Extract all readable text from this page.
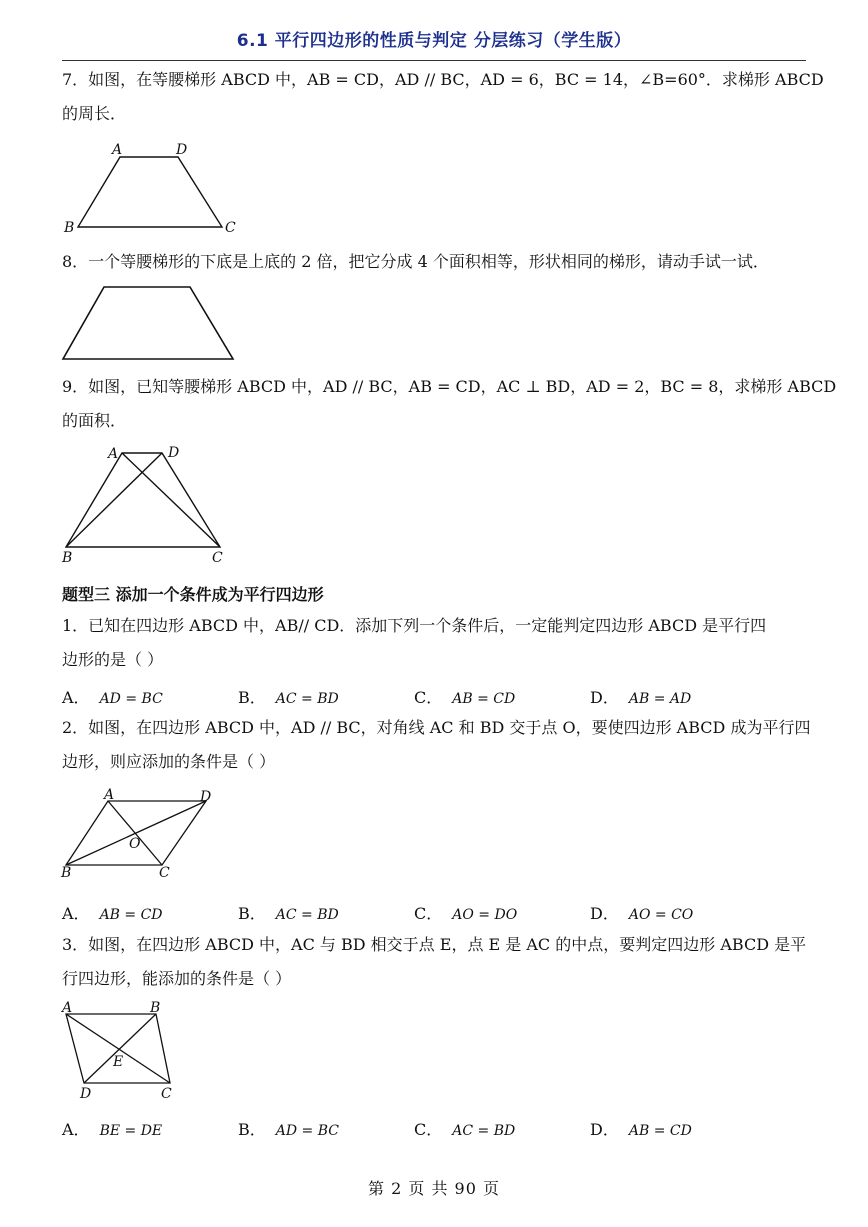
6.1 平行四边形的性质与判定 分层练习（学生版）
7．如图，在等腰梯形 ABCD 中，AB = CD，AD // BC，AD = 6，BC = 14，∠B=60°．求梯形 ABCD
的周长．
A	D
B	C
8．一个等腰梯形的下底是上底的 2 倍，把它分成 4 个面积相等，形状相同的梯形，请动手试一试．
9．如图，已知等腰梯形 ABCD 中，AD // BC，AB = CD，AC ⊥ BD，AD = 2，BC = 8，求梯形 ABCD
的面积．
A	D
B	C
题型三 添加一个条件成为平行四边形
1．已知在四边形 ABCD 中，AB// CD．添加下列一个条件后，一定能判定四边形 ABCD 是平行四
边形的是（ ）
A． AD = BC	B． AC = BD	C． AB = CD	D． AB = AD
2．如图，在四边形 ABCD 中，AD // BC，对角线 AC 和 BD 交于点 O，要使四边形 ABCD 成为平行四
边形，则应添加的条件是（ ）
A	D
B	C
O
A． AB = CD	B． AC = BD	C． AO = DO	D． AO = CO
3．如图，在四边形 ABCD 中，AC 与 BD 相交于点 E，点 E 是 AC 的中点，要判定四边形 ABCD 是平
行四边形，能添加的条件是（ ）
A	B
D	C
E
A． BE = DE	B． AD = BC	C． AC = BD	D． AB = CD
第 2 页 共 90 页
